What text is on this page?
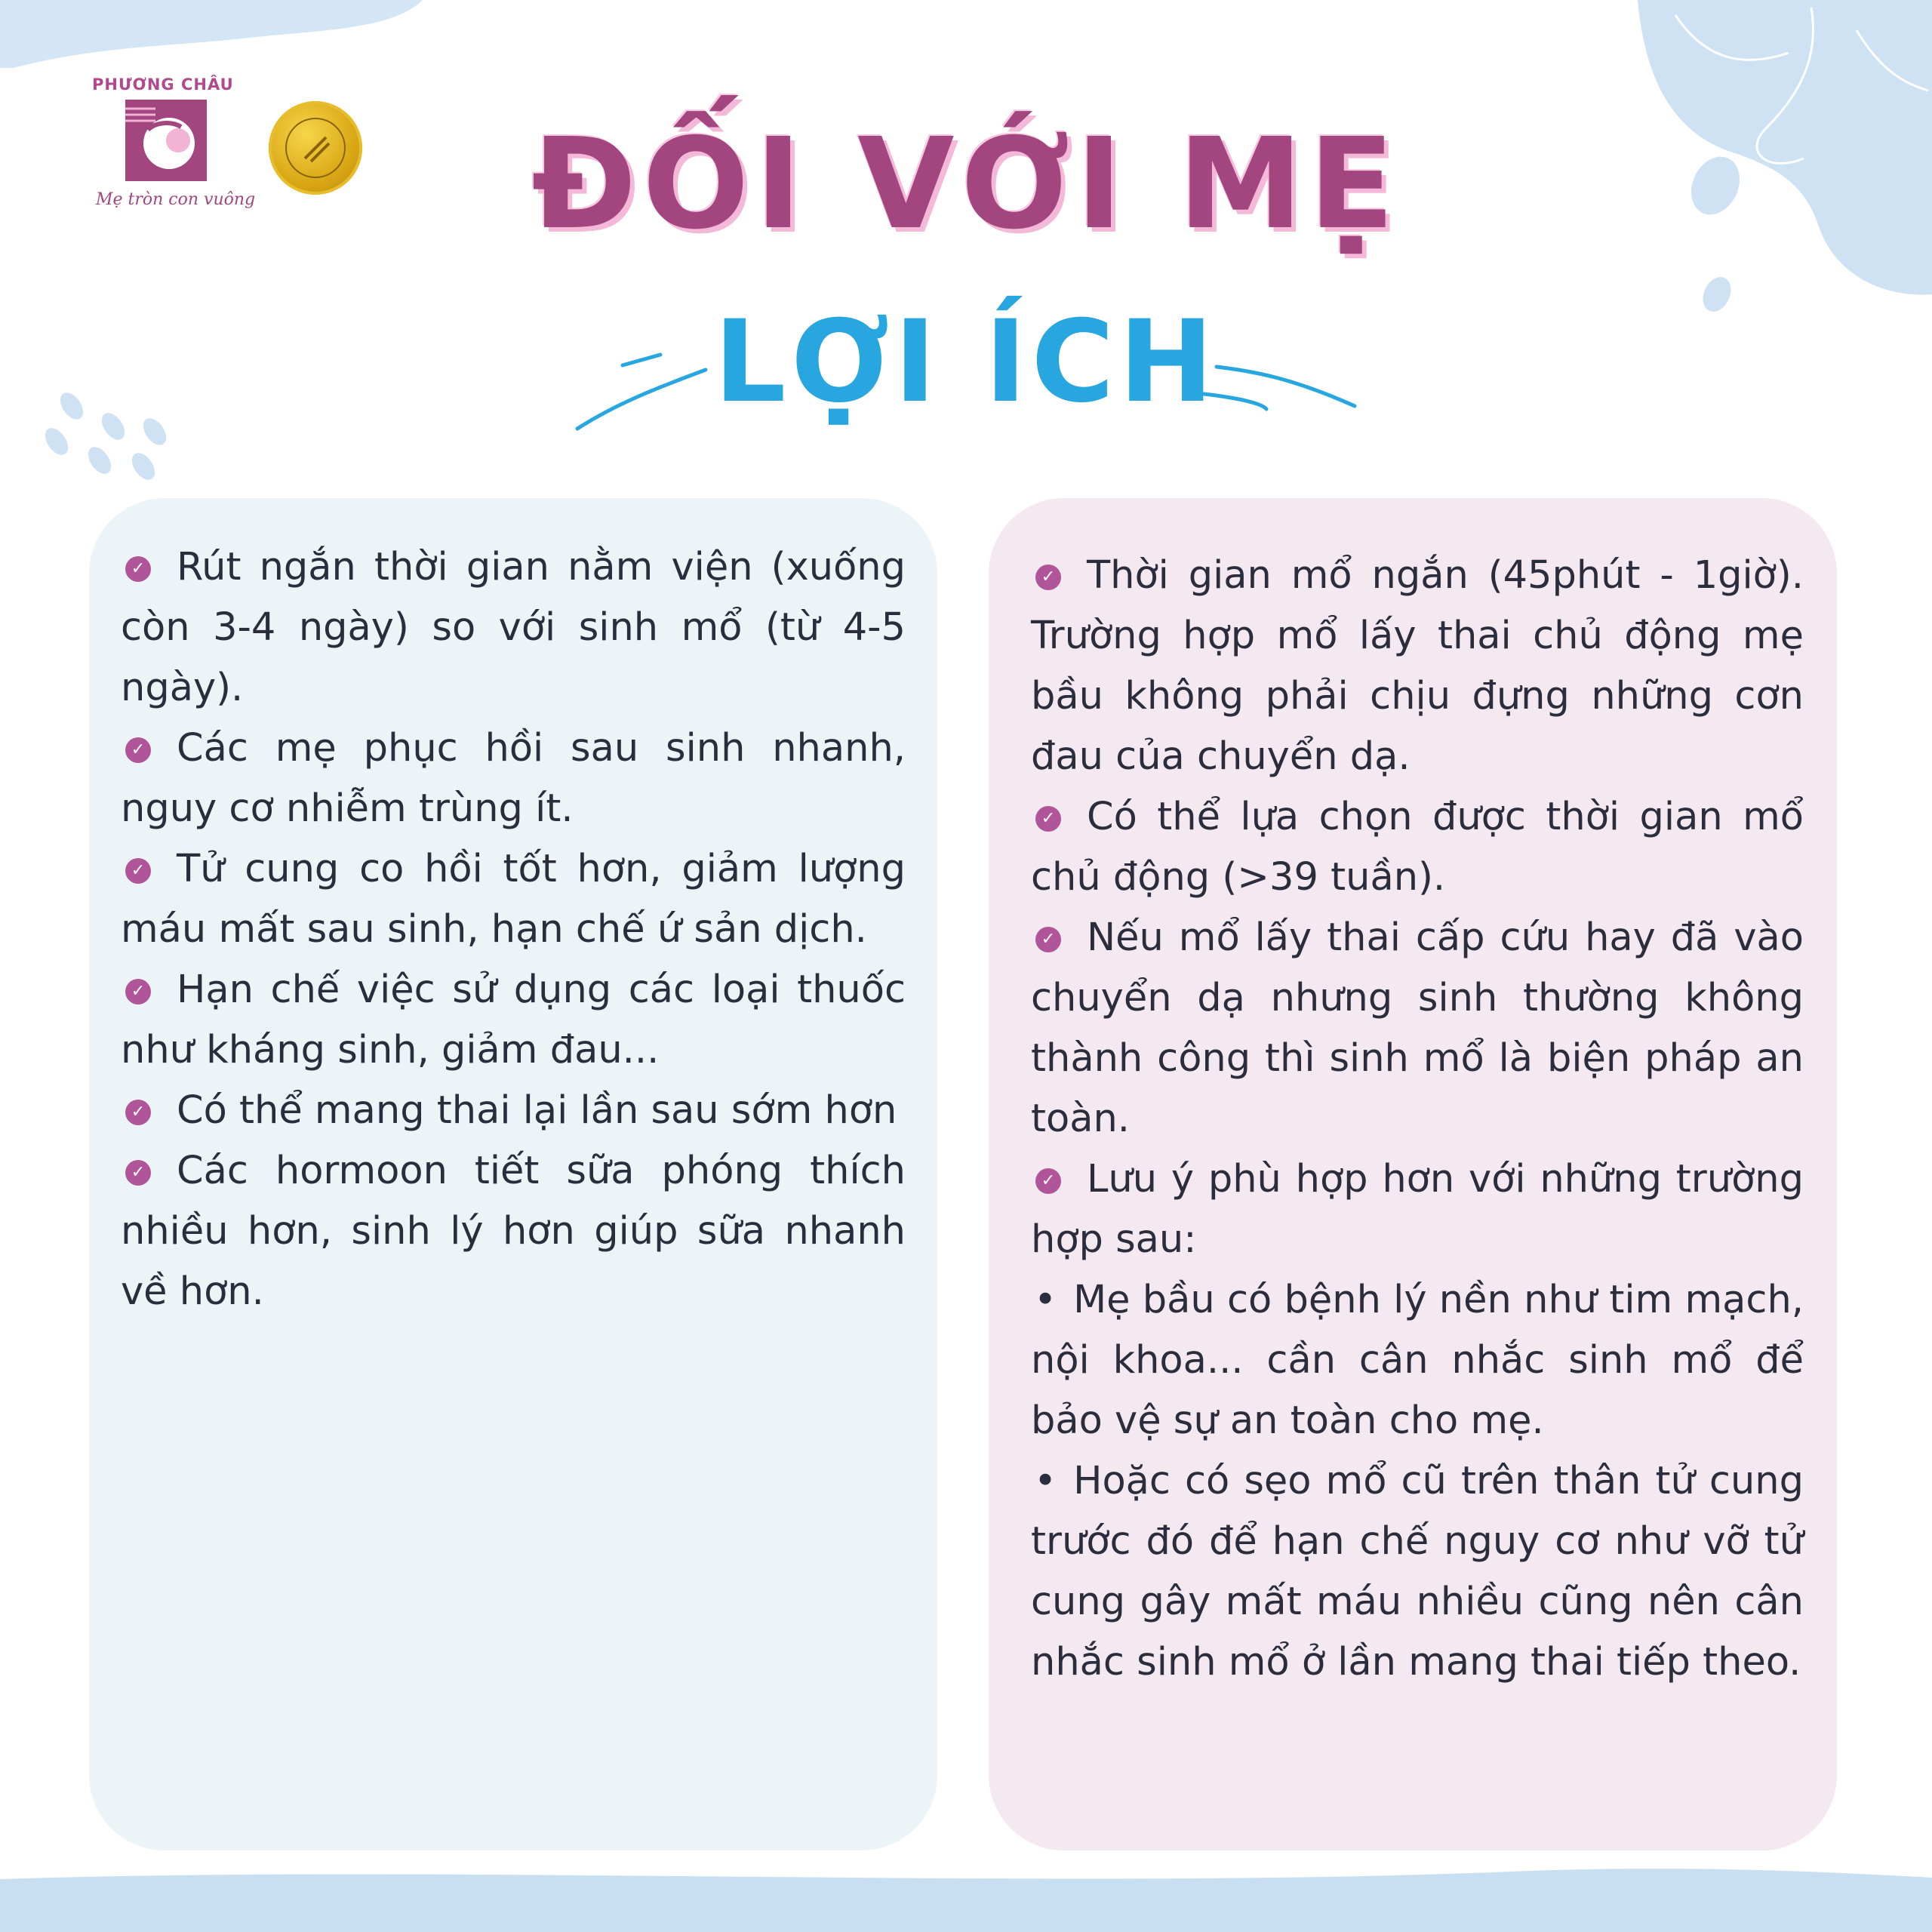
PHƯƠNG CHÂU
Mẹ tròn con vuông	ĐỐI VỚI MẸ
LỢI ÍCH

✓ Rút ngắn thời gian nằm viện (xuống còn 3-4 ngày) so với sinh mổ (từ 4-5 ngày).

✓ Các mẹ phục hồi sau sinh nhanh, nguy cơ nhiễm trùng ít.

✓ Tử cung co hồi tốt hơn, giảm lượng máu mất sau sinh, hạn chế ứ sản dịch.

✓ Hạn chế việc sử dụng các loại thuốc như kháng sinh, giảm đau...

✓ Có thể mang thai lại lần sau sớm hơn

✓ Các hormoon tiết sữa phóng thích nhiều hơn, sinh lý hơn giúp sữa nhanh về hơn.

✓ Thời gian mổ ngắn (45phút - 1giờ). Trường hợp mổ lấy thai chủ động mẹ bầu không phải chịu đựng những cơn đau của chuyển dạ.

✓ Có thể lựa chọn được thời gian mổ chủ động (>39 tuần).

✓ Nếu mổ lấy thai cấp cứu hay đã vào chuyển dạ nhưng sinh thường không thành công thì sinh mổ là biện pháp an toàn.

✓ Lưu ý phù hợp hơn với những trường hợp sau:

• Mẹ bầu có bệnh lý nền như tim mạch, nội khoa... cần cân nhắc sinh mổ để bảo vệ sự an toàn cho mẹ.

• Hoặc có sẹo mổ cũ trên thân tử cung trước đó để hạn chế nguy cơ như vỡ tử cung gây mất máu nhiều cũng nên cân nhắc sinh mổ ở lần mang thai tiếp theo.
